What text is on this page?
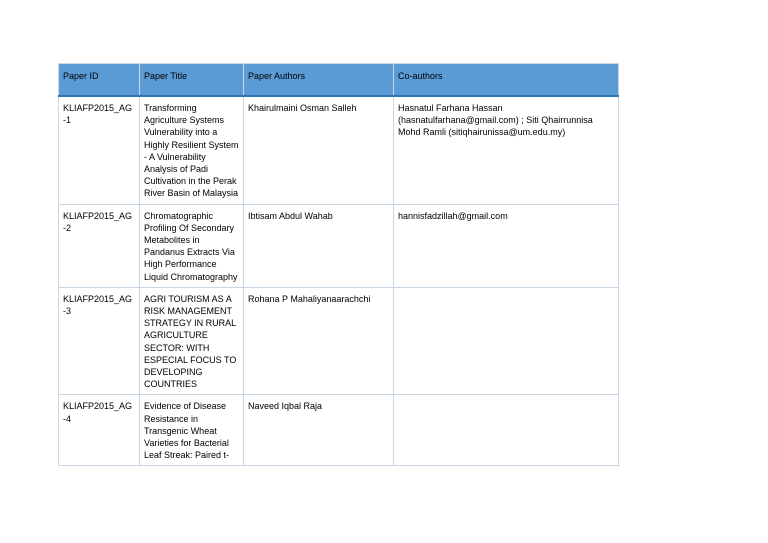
Paper ID	Paper Title	Paper Authors	Co-authors
KLIAFP2015_AG-1	Transforming Agriculture Systems Vulnerability into a Highly Resilient System - A Vulnerability Analysis of Padi Cultivation in the Perak River Basin of Malaysia	Khairulmaini Osman Salleh	Hasnatul Farhana Hassan (hasnatulfarhana@gmail.com) ; Siti Qhairrunnisa Mohd Ramli (sitiqhairunissa@um.edu.my)
KLIAFP2015_AG-2	Chromatographic Profiling Of Secondary Metabolites in Pandanus Extracts Via High Performance Liquid Chromatography	Ibtisam Abdul Wahab	hannisfadzillah@gmail.com
KLIAFP2015_AG-3	AGRI TOURISM AS A RISK MANAGEMENT STRATEGY IN RURAL AGRICULTURE SECTOR: WITH ESPECIAL FOCUS TO DEVELOPING COUNTRIES	Rohana P Mahaliyanaarachchi	
KLIAFP2015_AG-4	Evidence of Disease Resistance in Transgenic Wheat Varieties for Bacterial Leaf Streak: Paired t-	Naveed Iqbal Raja	
